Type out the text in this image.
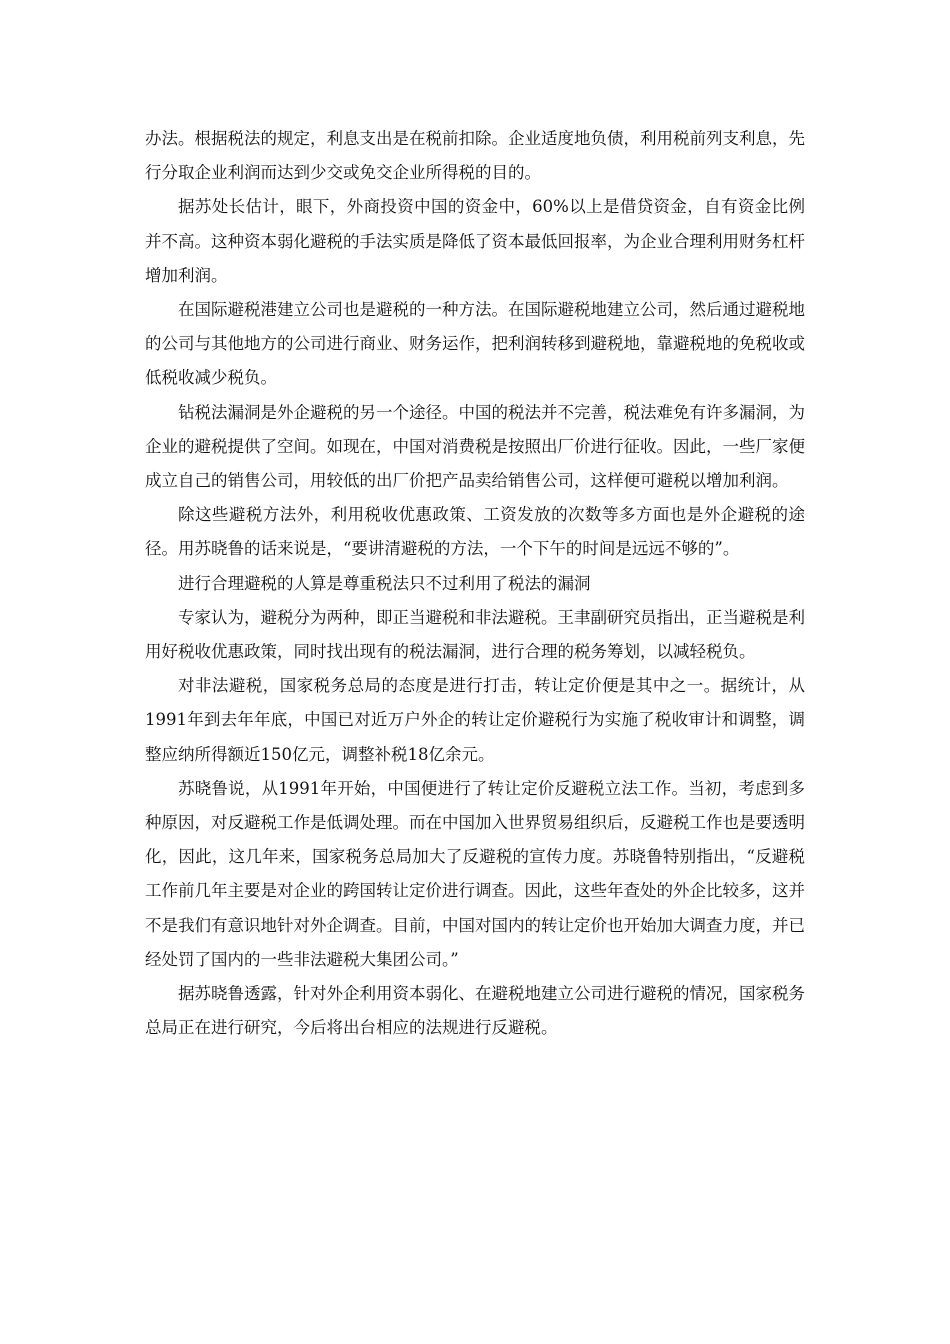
办法。根据税法的规定，利息支出是在税前扣除。企业适度地负债，利用税前列支利息，先行分取企业利润而达到少交或免交企业所得税的目的。

据苏处长估计，眼下，外商投资中国的资金中，60%以上是借贷资金，自有资金比例并不高。这种资本弱化避税的手法实质是降低了资本最低回报率，为企业合理利用财务杠杆增加利润。

在国际避税港建立公司也是避税的一种方法。在国际避税地建立公司，然后通过避税地的公司与其他地方的公司进行商业、财务运作，把利润转移到避税地，靠避税地的免税收或低税收减少税负。

钻税法漏洞是外企避税的另一个途径。中国的税法并不完善，税法难免有许多漏洞，为企业的避税提供了空间。如现在，中国对消费税是按照出厂价进行征收。因此，一些厂家便成立自己的销售公司，用较低的出厂价把产品卖给销售公司，这样便可避税以增加利润。

除这些避税方法外，利用税收优惠政策、工资发放的次数等多方面也是外企避税的途径。用苏晓鲁的话来说是，“要讲清避税的方法，一个下午的时间是远远不够的”。

进行合理避税的人算是尊重税法只不过利用了税法的漏洞

专家认为，避税分为两种，即正当避税和非法避税。王聿副研究员指出，正当避税是利用好税收优惠政策，同时找出现有的税法漏洞，进行合理的税务筹划，以减轻税负。

对非法避税，国家税务总局的态度是进行打击，转让定价便是其中之一。据统计，从1991年到去年年底，中国已对近万户外企的转让定价避税行为实施了税收审计和调整，调整应纳所得额近150亿元，调整补税18亿余元。

苏晓鲁说，从1991年开始，中国便进行了转让定价反避税立法工作。当初，考虑到多种原因，对反避税工作是低调处理。而在中国加入世界贸易组织后，反避税工作也是要透明化，因此，这几年来，国家税务总局加大了反避税的宣传力度。苏晓鲁特别指出，“反避税工作前几年主要是对企业的跨国转让定价进行调查。因此，这些年查处的外企比较多，这并不是我们有意识地针对外企调查。目前，中国对国内的转让定价也开始加大调查力度，并已经处罚了国内的一些非法避税大集团公司。”

据苏晓鲁透露，针对外企利用资本弱化、在避税地建立公司进行避税的情况，国家税务总局正在进行研究，今后将出台相应的法规进行反避税。
